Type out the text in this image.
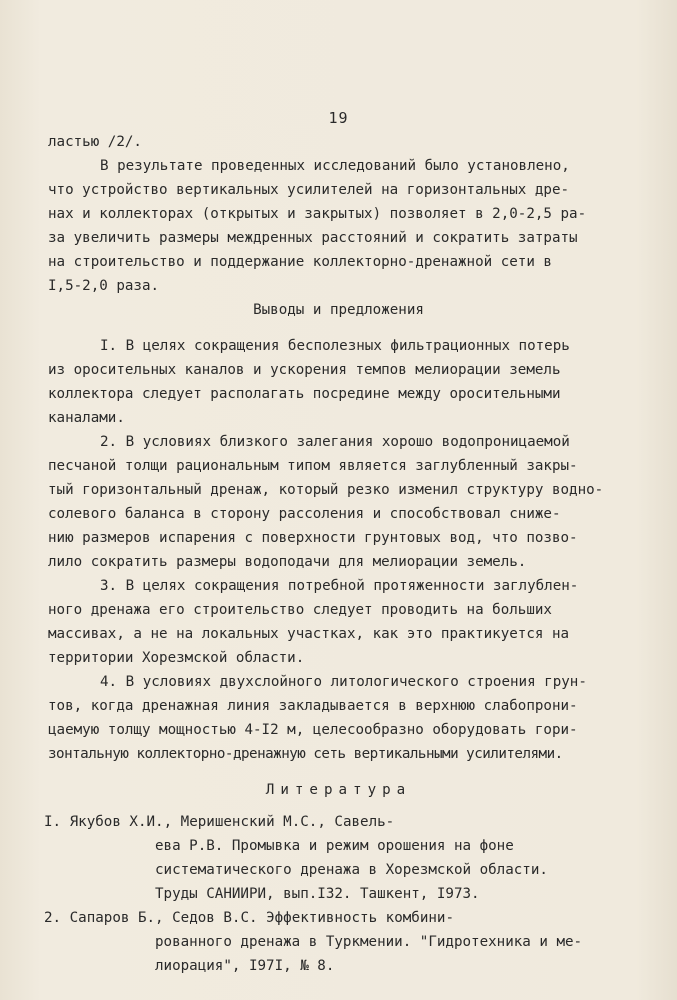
19
ластью /2/.
В результате проведенных исследований было установлено,
что устройство вертикальных усилителей на горизонтальных дре-
нах и коллекторах (открытых и закрытых) позволяет в 2,0-2,5 ра-
за увеличить размеры междренных расстояний и сократить затраты
на строительство и поддержание коллекторно-дренажной сети в
I,5-2,0 раза.
Выводы и предложения
I. В целях сокращения бесполезных фильтрационных потерь
из оросительных каналов и ускорения темпов мелиорации земель
коллектора следует располагать посредине между оросительными
каналами.
2. В условиях близкого залегания хорошо водопроницаемой
песчаной толщи рациональным типом является заглубленный закры-
тый горизонтальный дренаж, который резко изменил структуру водно-
солевого баланса в сторону рассоления и способствовал сниже-
нию размеров испарения с поверхности грунтовых вод, что позво-
лило сократить размеры водоподачи для мелиорации земель.
3. В целях сокращения потребной протяженности заглублен-
ного дренажа его строительство следует проводить на больших
массивах, а не на локальных участках, как это практикуется на
территории Хорезмской области.
4. В условиях двухслойного литологического строения грун-
тов, когда дренажная линия закладывается в верхнюю слабопрони-
цаемую толщу мощностью 4-I2 м, целесообразно оборудовать гори-
зонтальную коллекторно-дренажную сеть вертикальными усилителями.
Литература
I. Якубов Х.И., Меришенский М.С., Савель-
ева Р.В. Промывка и режим орошения на фоне
систематического дренажа в Хорезмской области.
Труды САНИИРИ, вып.I32. Ташкент, I973.
2. Сапаров Б., Седов В.С. Эффективность комбини-
рованного дренажа в Туркмении. "Гидротехника и ме-
лиорация", I97I, № 8.
